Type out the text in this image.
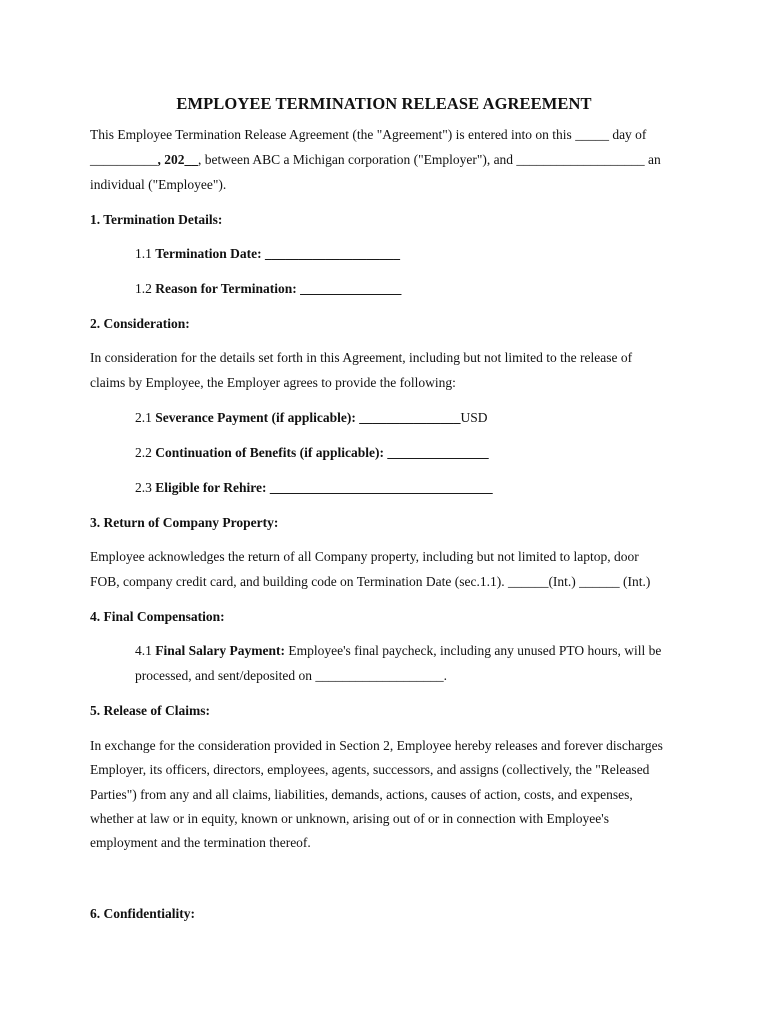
EMPLOYEE TERMINATION RELEASE AGREEMENT
This Employee Termination Release Agreement (the "Agreement") is entered into on this _____ day of
__________, 202__, between ABC a Michigan corporation ("Employer"), and ___________________ an
individual ("Employee").
1. Termination Details:
1.1 Termination Date: ____________________
1.2 Reason for Termination: _______________
2. Consideration:
In consideration for the details set forth in this Agreement, including but not limited to the release of
claims by Employee, the Employer agrees to provide the following:
2.1 Severance Payment (if applicable): _______________USD
2.2 Continuation of Benefits (if applicable): _______________
2.3 Eligible for Rehire: _________________________________
3. Return of Company Property:
Employee acknowledges the return of all Company property, including but not limited to laptop, door
FOB, company credit card, and building code on Termination Date (sec.1.1). ______(Int.) ______ (Int.)
4. Final Compensation:
4.1 Final Salary Payment: Employee's final paycheck, including any unused PTO hours, will be
processed, and sent/deposited on ___________________.
5. Release of Claims:
In exchange for the consideration provided in Section 2, Employee hereby releases and forever discharges
Employer, its officers, directors, employees, agents, successors, and assigns (collectively, the "Released
Parties") from any and all claims, liabilities, demands, actions, causes of action, costs, and expenses,
whether at law or in equity, known or unknown, arising out of or in connection with Employee's
employment and the termination thereof.
6. Confidentiality:
